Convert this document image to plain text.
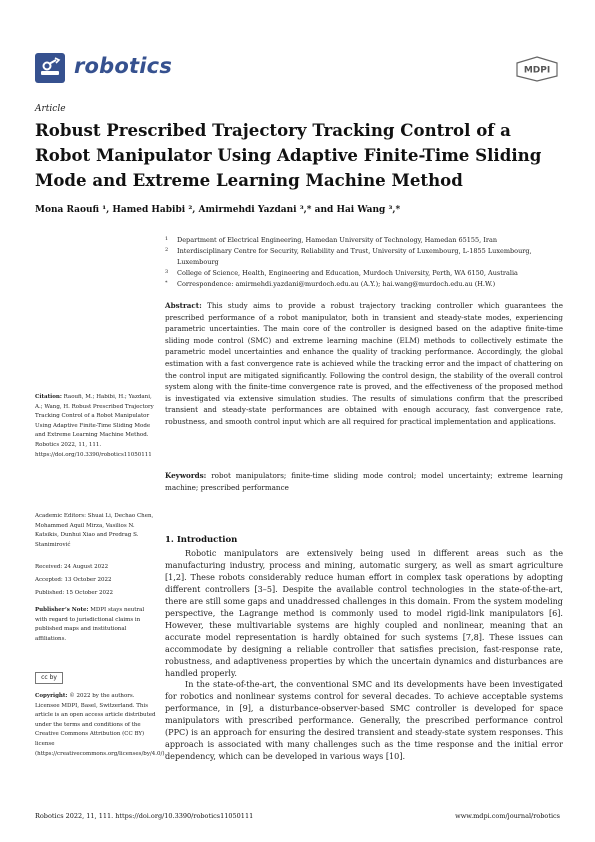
robotics	MDPI
Article
Robust Prescribed Trajectory Tracking Control of a Robot Manipulator Using Adaptive Finite-Time Sliding Mode and Extreme Learning Machine Method
Mona Raoufi ¹, Hamed Habibi ², Amirmehdi Yazdani ³,* and Hai Wang ³,*
1 Department of Electrical Engineering, Hamedan University of Technology, Hamedan 65155, Iran
2 Interdisciplinary Centre for Security, Reliability and Trust, University of Luxembourg, L-1855 Luxembourg, Luxembourg
3 College of Science, Health, Engineering and Education, Murdoch University, Perth, WA 6150, Australia
* Correspondence: amirmehdi.yazdani@murdoch.edu.au (A.Y.); hai.wang@murdoch.edu.au (H.W.)
Abstract: This study aims to provide a robust trajectory tracking controller which guarantees the prescribed performance of a robot manipulator, both in transient and steady-state modes, experiencing parametric uncertainties. The main core of the controller is designed based on the adaptive finite-time sliding mode control (SMC) and extreme learning machine (ELM) methods to collectively estimate the parametric model uncertainties and enhance the quality of tracking performance. Accordingly, the global estimation with a fast convergence rate is achieved while the tracking error and the impact of chattering on the control input are mitigated significantly. Following the control design, the stability of the overall control system along with the finite-time convergence rate is proved, and the effectiveness of the proposed method is investigated via extensive simulation studies. The results of simulations confirm that the prescribed transient and steady-state performances are obtained with enough accuracy, fast convergence rate, robustness, and smooth control input which are all required for practical implementation and applications.
Keywords: robot manipulators; finite-time sliding mode control; model uncertainty; extreme learning machine; prescribed performance
Citation: Raoufi, M.; Habibi, H.; Yazdani, A.; Wang, H. Robust Prescribed Trajectory Tracking Control of a Robot Manipulator Using Adaptive Finite-Time Sliding Mode and Extreme Learning Machine Method. Robotics 2022, 11, 111. https://doi.org/10.3390/robotics11050111
Academic Editors: Shuai Li, Dechao Chen, Mohammed Aquil Mirza, Vasilios N. Katsikis, Dunhui Xiao and Predrag S. Stanimirović
Received: 24 August 2022
Accepted: 13 October 2022
Published: 15 October 2022
Publisher’s Note: MDPI stays neutral with regard to jurisdictional claims in published maps and institutional affiliations.
cc by
Copyright: © 2022 by the authors. Licensee MDPI, Basel, Switzerland. This article is an open access article distributed under the terms and conditions of the Creative Commons Attribution (CC BY) license (https://creativecommons.org/licenses/by/4.0/).
1. Introduction

Robotic manipulators are extensively being used in different areas such as the manufacturing industry, process and mining, automatic surgery, as well as smart agriculture [1,2]. These robots considerably reduce human effort in complex task operations by adopting different controllers [3–5]. Despite the available control technologies in the state-of-the-art, there are still some gaps and unaddressed challenges in this domain. From the system modeling perspective, the Lagrange method is commonly used to model rigid-link manipulators [6]. However, these multivariable systems are highly coupled and nonlinear, meaning that an accurate model representation is hardly obtained for such systems [7,8]. These issues can accommodate by designing a reliable controller that satisfies precision, fast-response rate, robustness, and adaptiveness properties by which the uncertain dynamics and disturbances are handled properly.

In the state-of-the-art, the conventional SMC and its developments have been investigated for robotics and nonlinear systems control for several decades. To achieve acceptable systems performance, in [9], a disturbance-observer-based SMC controller is developed for space manipulators with prescribed performance. Generally, the prescribed performance control (PPC) is an approach for ensuring the desired transient and steady-state system responses. This approach is associated with many challenges such as the time response and the initial error dependency, which can be developed in various ways [10].

Robotics 2022, 11, 111. https://doi.org/10.3390/robotics11050111	www.mdpi.com/journal/robotics
